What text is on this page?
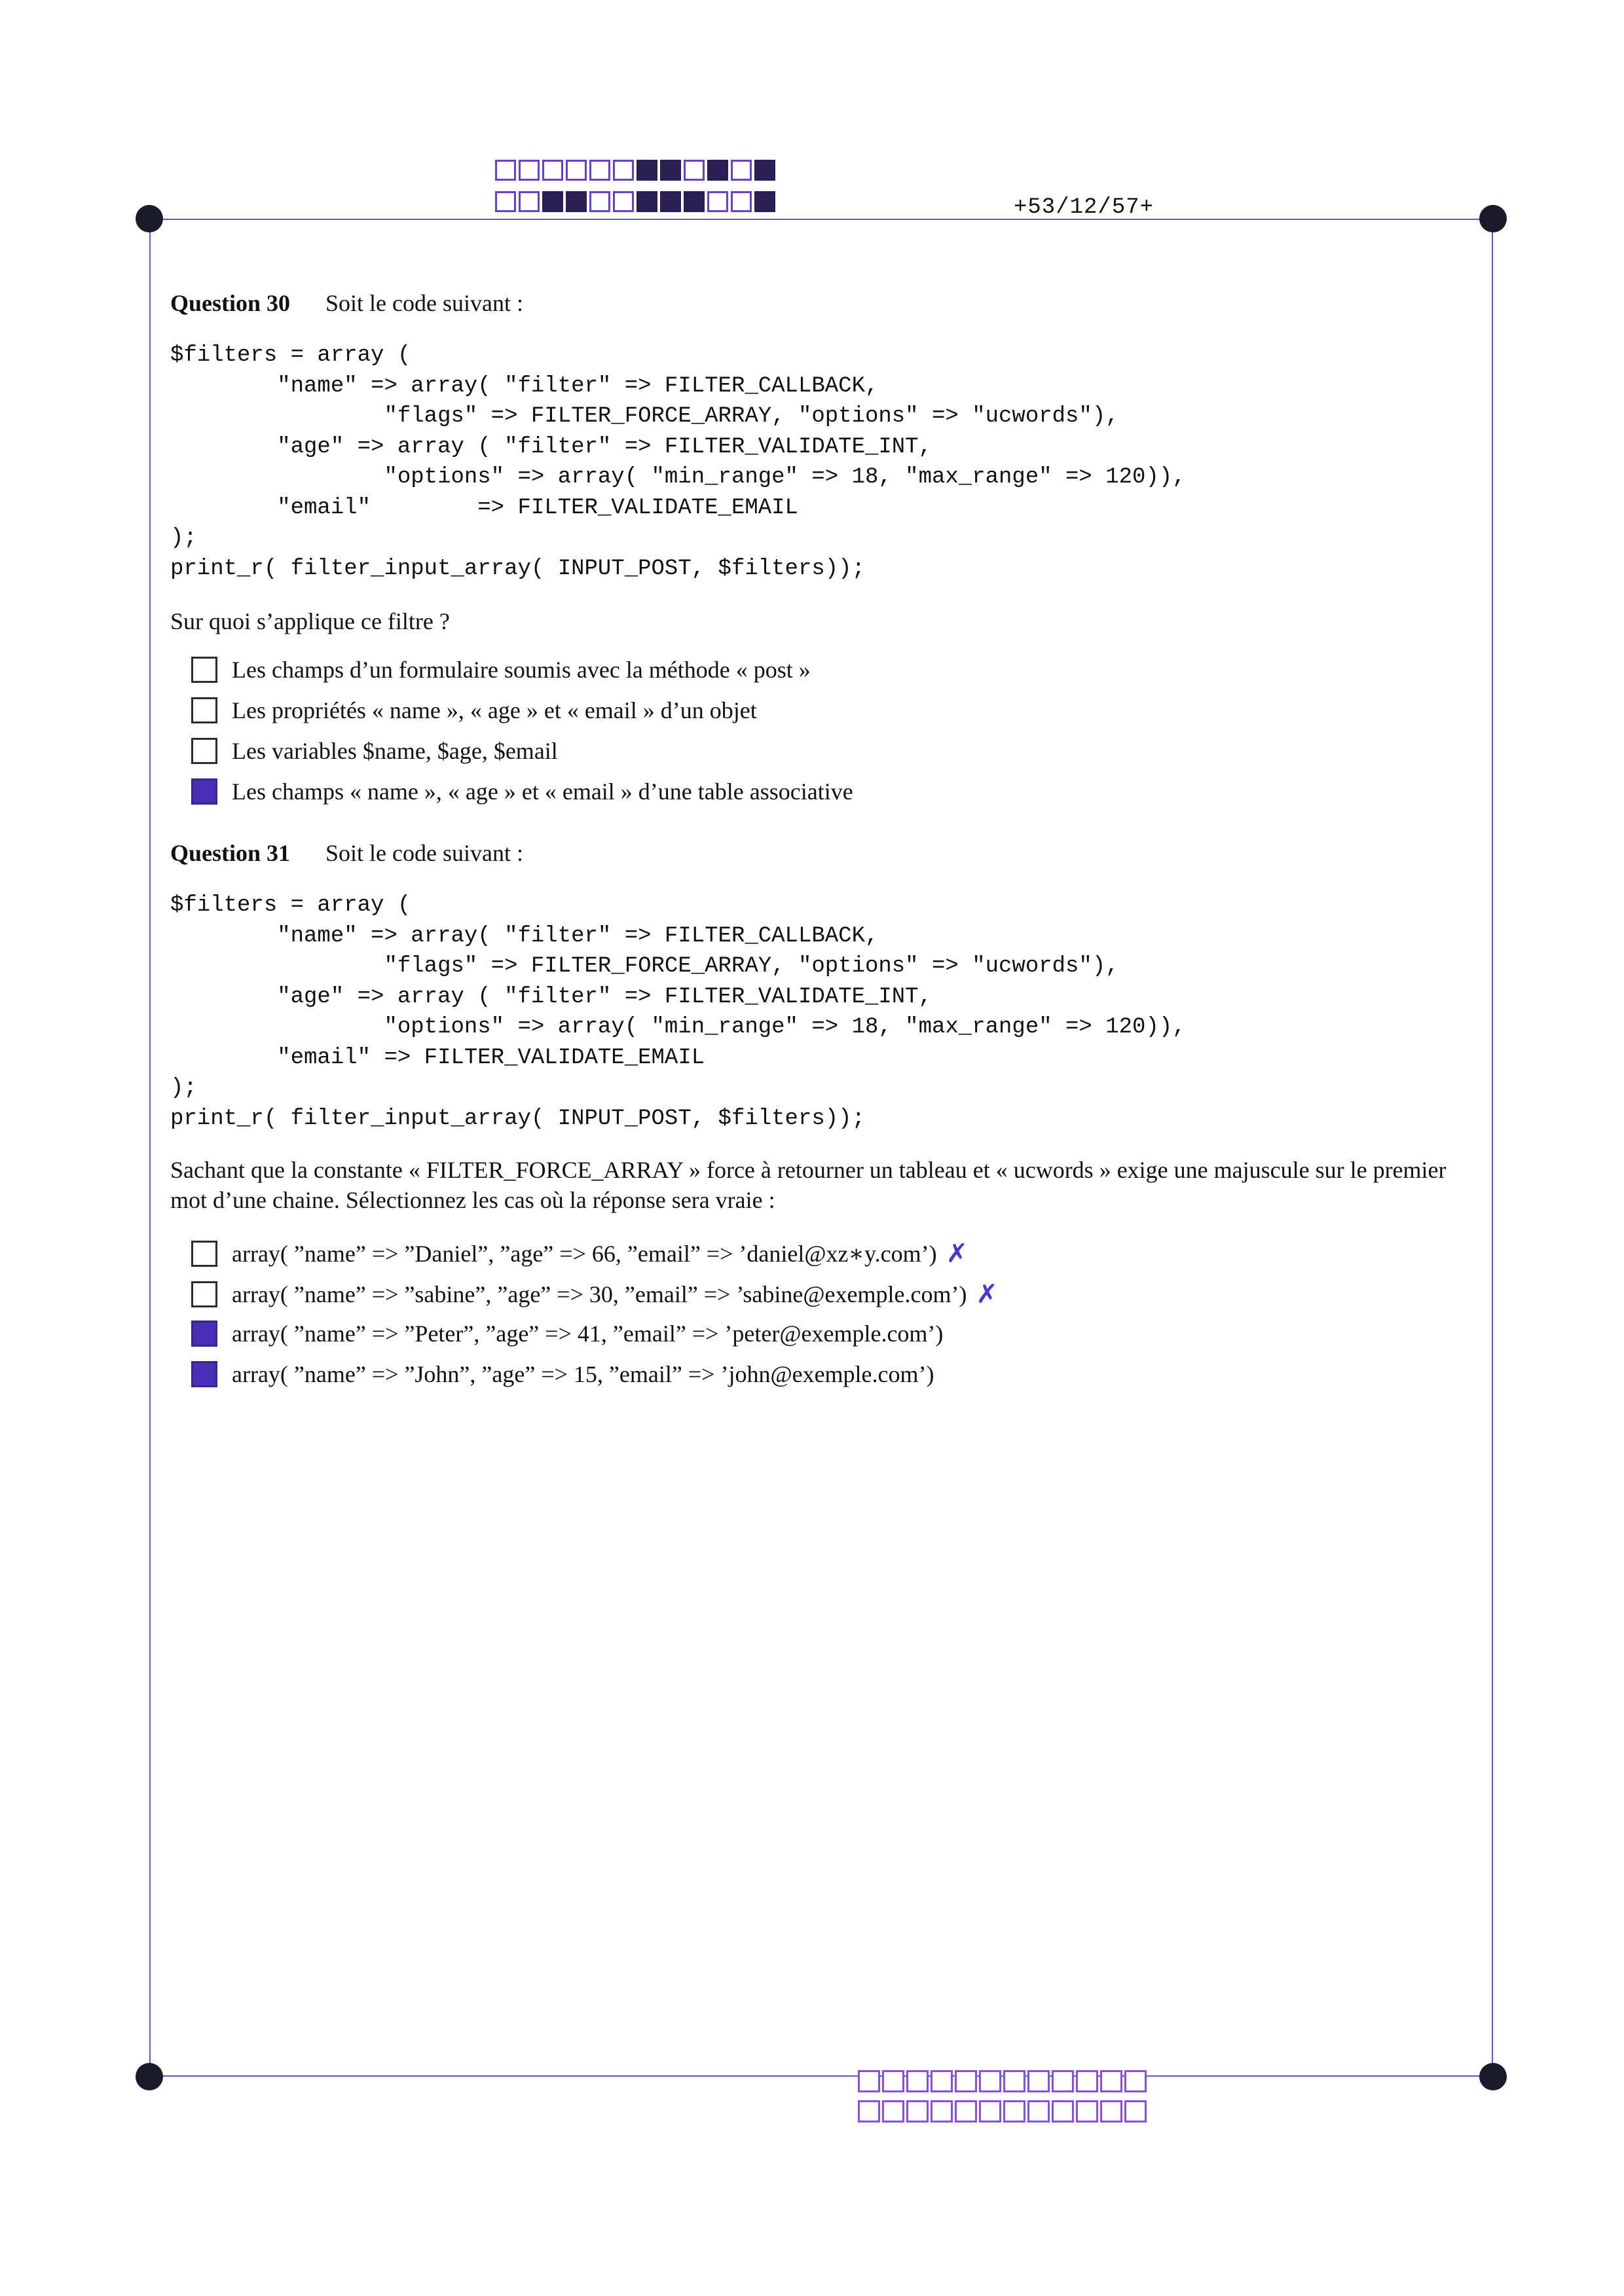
+53/12/57+
Question 30 Soit le code suivant :
$filters = array (
"name" => array( "filter" => FILTER_CALLBACK,
"flags" => FILTER_FORCE_ARRAY, "options" => "ucwords"),
"age" => array ( "filter" => FILTER_VALIDATE_INT,
"options" => array( "min_range" => 18, "max_range" => 120)),
"email"        => FILTER_VALIDATE_EMAIL
);
print_r( filter_input_array( INPUT_POST, $filters));
Sur quoi s’applique ce filtre ?
Les champs d’un formulaire soumis avec la méthode « post »
Les propriétés « name », « age » et « email » d’un objet
Les variables $name, $age, $email
Les champs « name », « age » et « email » d’une table associative
Question 31 Soit le code suivant :
$filters = array (
"name" => array( "filter" => FILTER_CALLBACK,
"flags" => FILTER_FORCE_ARRAY, "options" => "ucwords"),
"age" => array ( "filter" => FILTER_VALIDATE_INT,
"options" => array( "min_range" => 18, "max_range" => 120)),
"email" => FILTER_VALIDATE_EMAIL
);
print_r( filter_input_array( INPUT_POST, $filters));
Sachant que la constante « FILTER_FORCE_ARRAY » force à retourner un tableau et « ucwords » exige une majuscule sur le premier mot d’une chaine. Sélectionnez les cas où la réponse sera vraie :
array( ”name” => ”Daniel”, ”age” => 66, ”email” => ’daniel@xz∗y.com’) ✗
array( ”name” => ”sabine”, ”age” => 30, ”email” => ’sabine@exemple.com’) ✗
array( ”name” => ”Peter”, ”age” => 41, ”email” => ’peter@exemple.com’)
array( ”name” => ”John”, ”age” => 15, ”email” => ’john@exemple.com’)
